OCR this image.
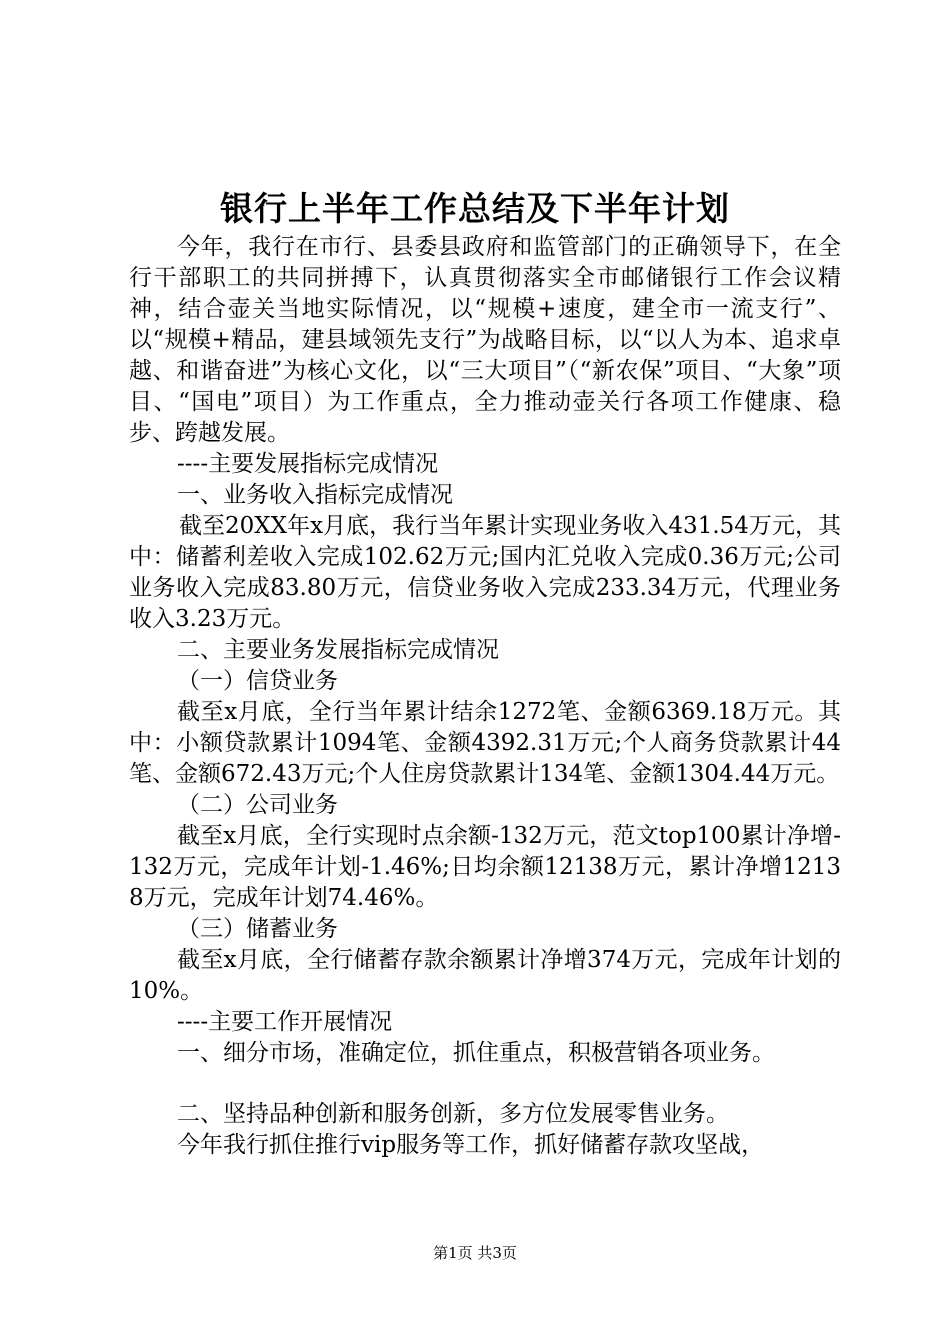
银行上半年工作总结及下半年计划

今年，我行在市行、县委县政府和监管部门的正确领导下，在全行干部职工的共同拼搏下，认真贯彻落实全市邮储银行工作会议精神，结合壶关当地实际情况，以“规模+速度，建全市一流支行”、以“规模+精品，建县域领先支行”为战略目标，以“以人为本、追求卓越、和谐奋进”为核心文化，以“三大项目”（“新农保”项目、“大象”项目、“国电”项目）为工作重点，全力推动壶关行各项工作健康、稳步、跨越发展。

----主要发展指标完成情况

一、业务收入指标完成情况

截至20XX年x月底，我行当年累计实现业务收入431.54万元，其中：储蓄利差收入完成102.62万元;国内汇兑收入完成0.36万元;公司业务收入完成83.80万元，信贷业务收入完成233.34万元，代理业务收入3.23万元。

二、主要业务发展指标完成情况

（一）信贷业务

截至x月底，全行当年累计结余1272笔、金额6369.18万元。其中：小额贷款累计1094笔、金额4392.31万元;个人商务贷款累计44笔、金额672.43万元;个人住房贷款累计134笔、金额1304.44万元。

（二）公司业务

截至x月底，全行实现时点余额-132万元，范文top100累计净增-132万元，完成年计划-1.46%;日均余额12138万元，累计净增12138万元，完成年计划74.46%。

（三）储蓄业务

截至x月底，全行储蓄存款余额累计净增374万元，完成年计划的10%。

----主要工作开展情况

一、细分市场，准确定位，抓住重点，积极营销各项业务。

二、坚持品种创新和服务创新，多方位发展零售业务。

今年我行抓住推行vip服务等工作，抓好储蓄存款攻坚战，

第1页 共3页
